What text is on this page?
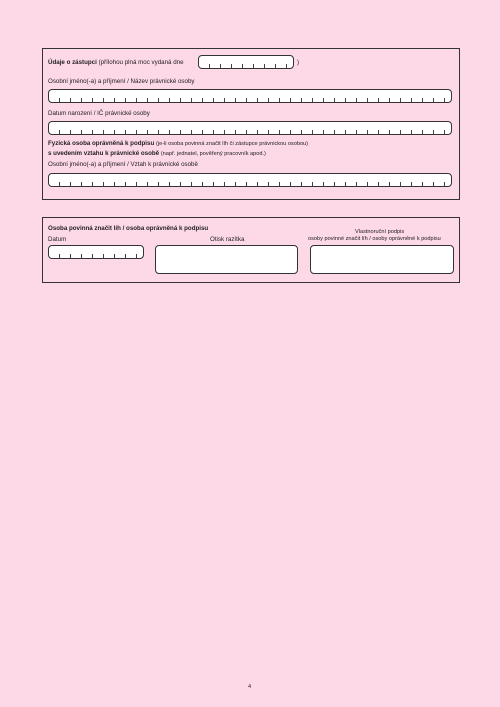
Údaje o zástupci (přílohou plná moc vydaná dne	)
Osobní jméno(-a) a příjmení / Název právnické osoby
Datum narození / IČ právnické osoby
Fyzická osoba oprávněná k podpisu (je-li osoba povinná značit líh či zástupce právnickou osobou)
s uvedením vztahu k právnické osobě (např. jednatel, pověřený pracovník apod.)
Osobní jméno(-a) a příjmení / Vztah k právnické osobě
Osoba povinná značit líh / osoba oprávněná k podpisu
Datum	Otisk razítka
Vlastnoruční podpis
osoby povinné značit líh / osoby oprávněné k podpisu
4
